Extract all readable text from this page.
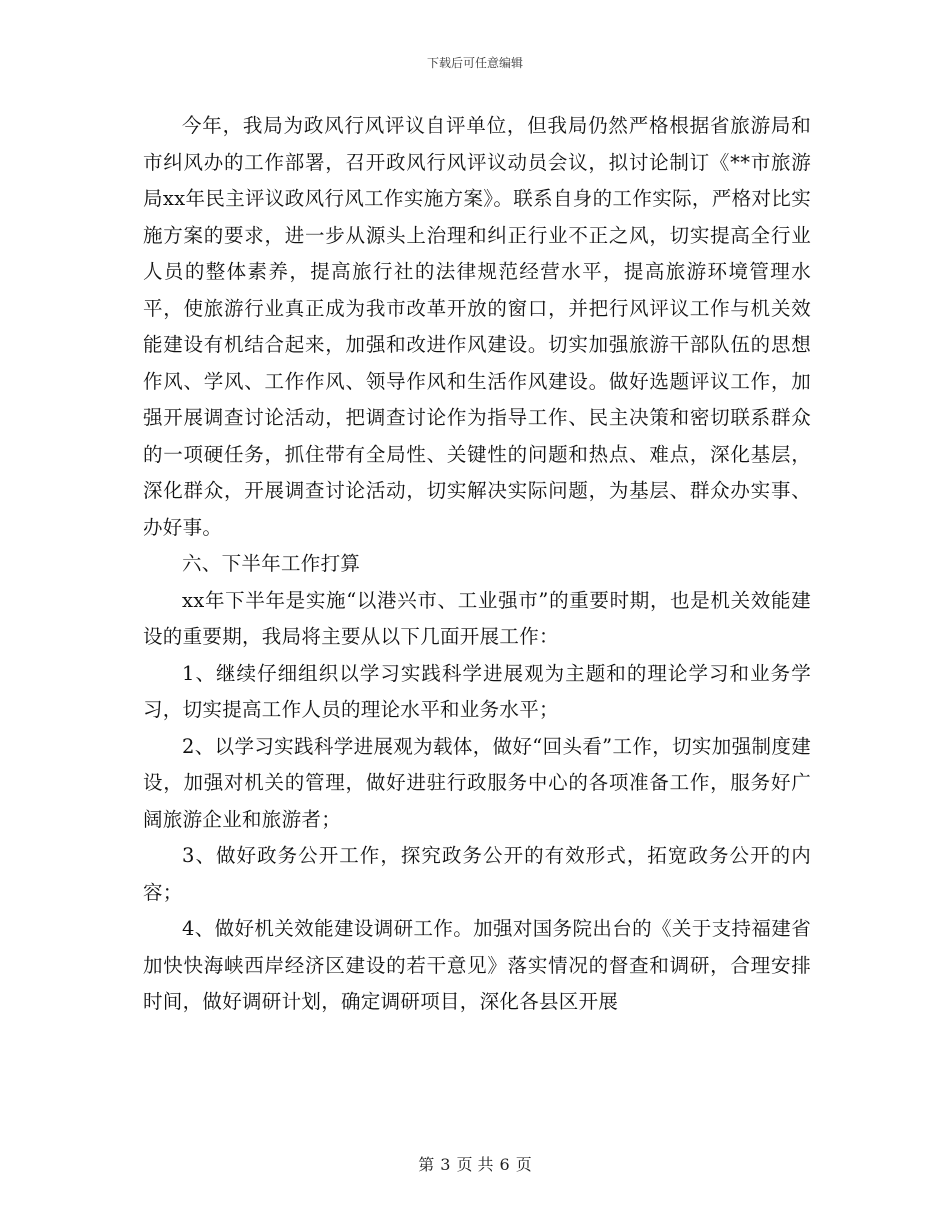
下载后可任意编辑

今年，我局为政风行风评议自评单位，但我局仍然严格根据省旅游局和市纠风办的工作部署，召开政风行风评议动员会议，拟讨论制订《**市旅游局xx年民主评议政风行风工作实施方案》。联系自身的工作实际，严格对比实施方案的要求，进一步从源头上治理和纠正行业不正之风，切实提高全行业人员的整体素养，提高旅行社的法律规范经营水平，提高旅游环境管理水平，使旅游行业真正成为我市改革开放的窗口，并把行风评议工作与机关效能建设有机结合起来，加强和改进作风建设。切实加强旅游干部队伍的思想作风、学风、工作作风、领导作风和生活作风建设。做好选题评议工作，加强开展调查讨论活动，把调查讨论作为指导工作、民主决策和密切联系群众的一项硬任务，抓住带有全局性、关键性的问题和热点、难点，深化基层，深化群众，开展调查讨论活动，切实解决实际问题，为基层、群众办实事、办好事。

六、下半年工作打算

xx年下半年是实施“以港兴市、工业强市”的重要时期，也是机关效能建设的重要期，我局将主要从以下几面开展工作：

1、继续仔细组织以学习实践科学进展观为主题和的理论学习和业务学习，切实提高工作人员的理论水平和业务水平；

2、以学习实践科学进展观为载体，做好“回头看”工作，切实加强制度建设，加强对机关的管理，做好进驻行政服务中心的各项准备工作，服务好广阔旅游企业和旅游者；

3、做好政务公开工作，探究政务公开的有效形式，拓宽政务公开的内容；

4、做好机关效能建设调研工作。加强对国务院出台的《关于支持福建省加快快海峡西岸经济区建设的若干意见》落实情况的督查和调研，合理安排时间，做好调研计划，确定调研项目，深化各县区开展

第 3 页 共 6 页
